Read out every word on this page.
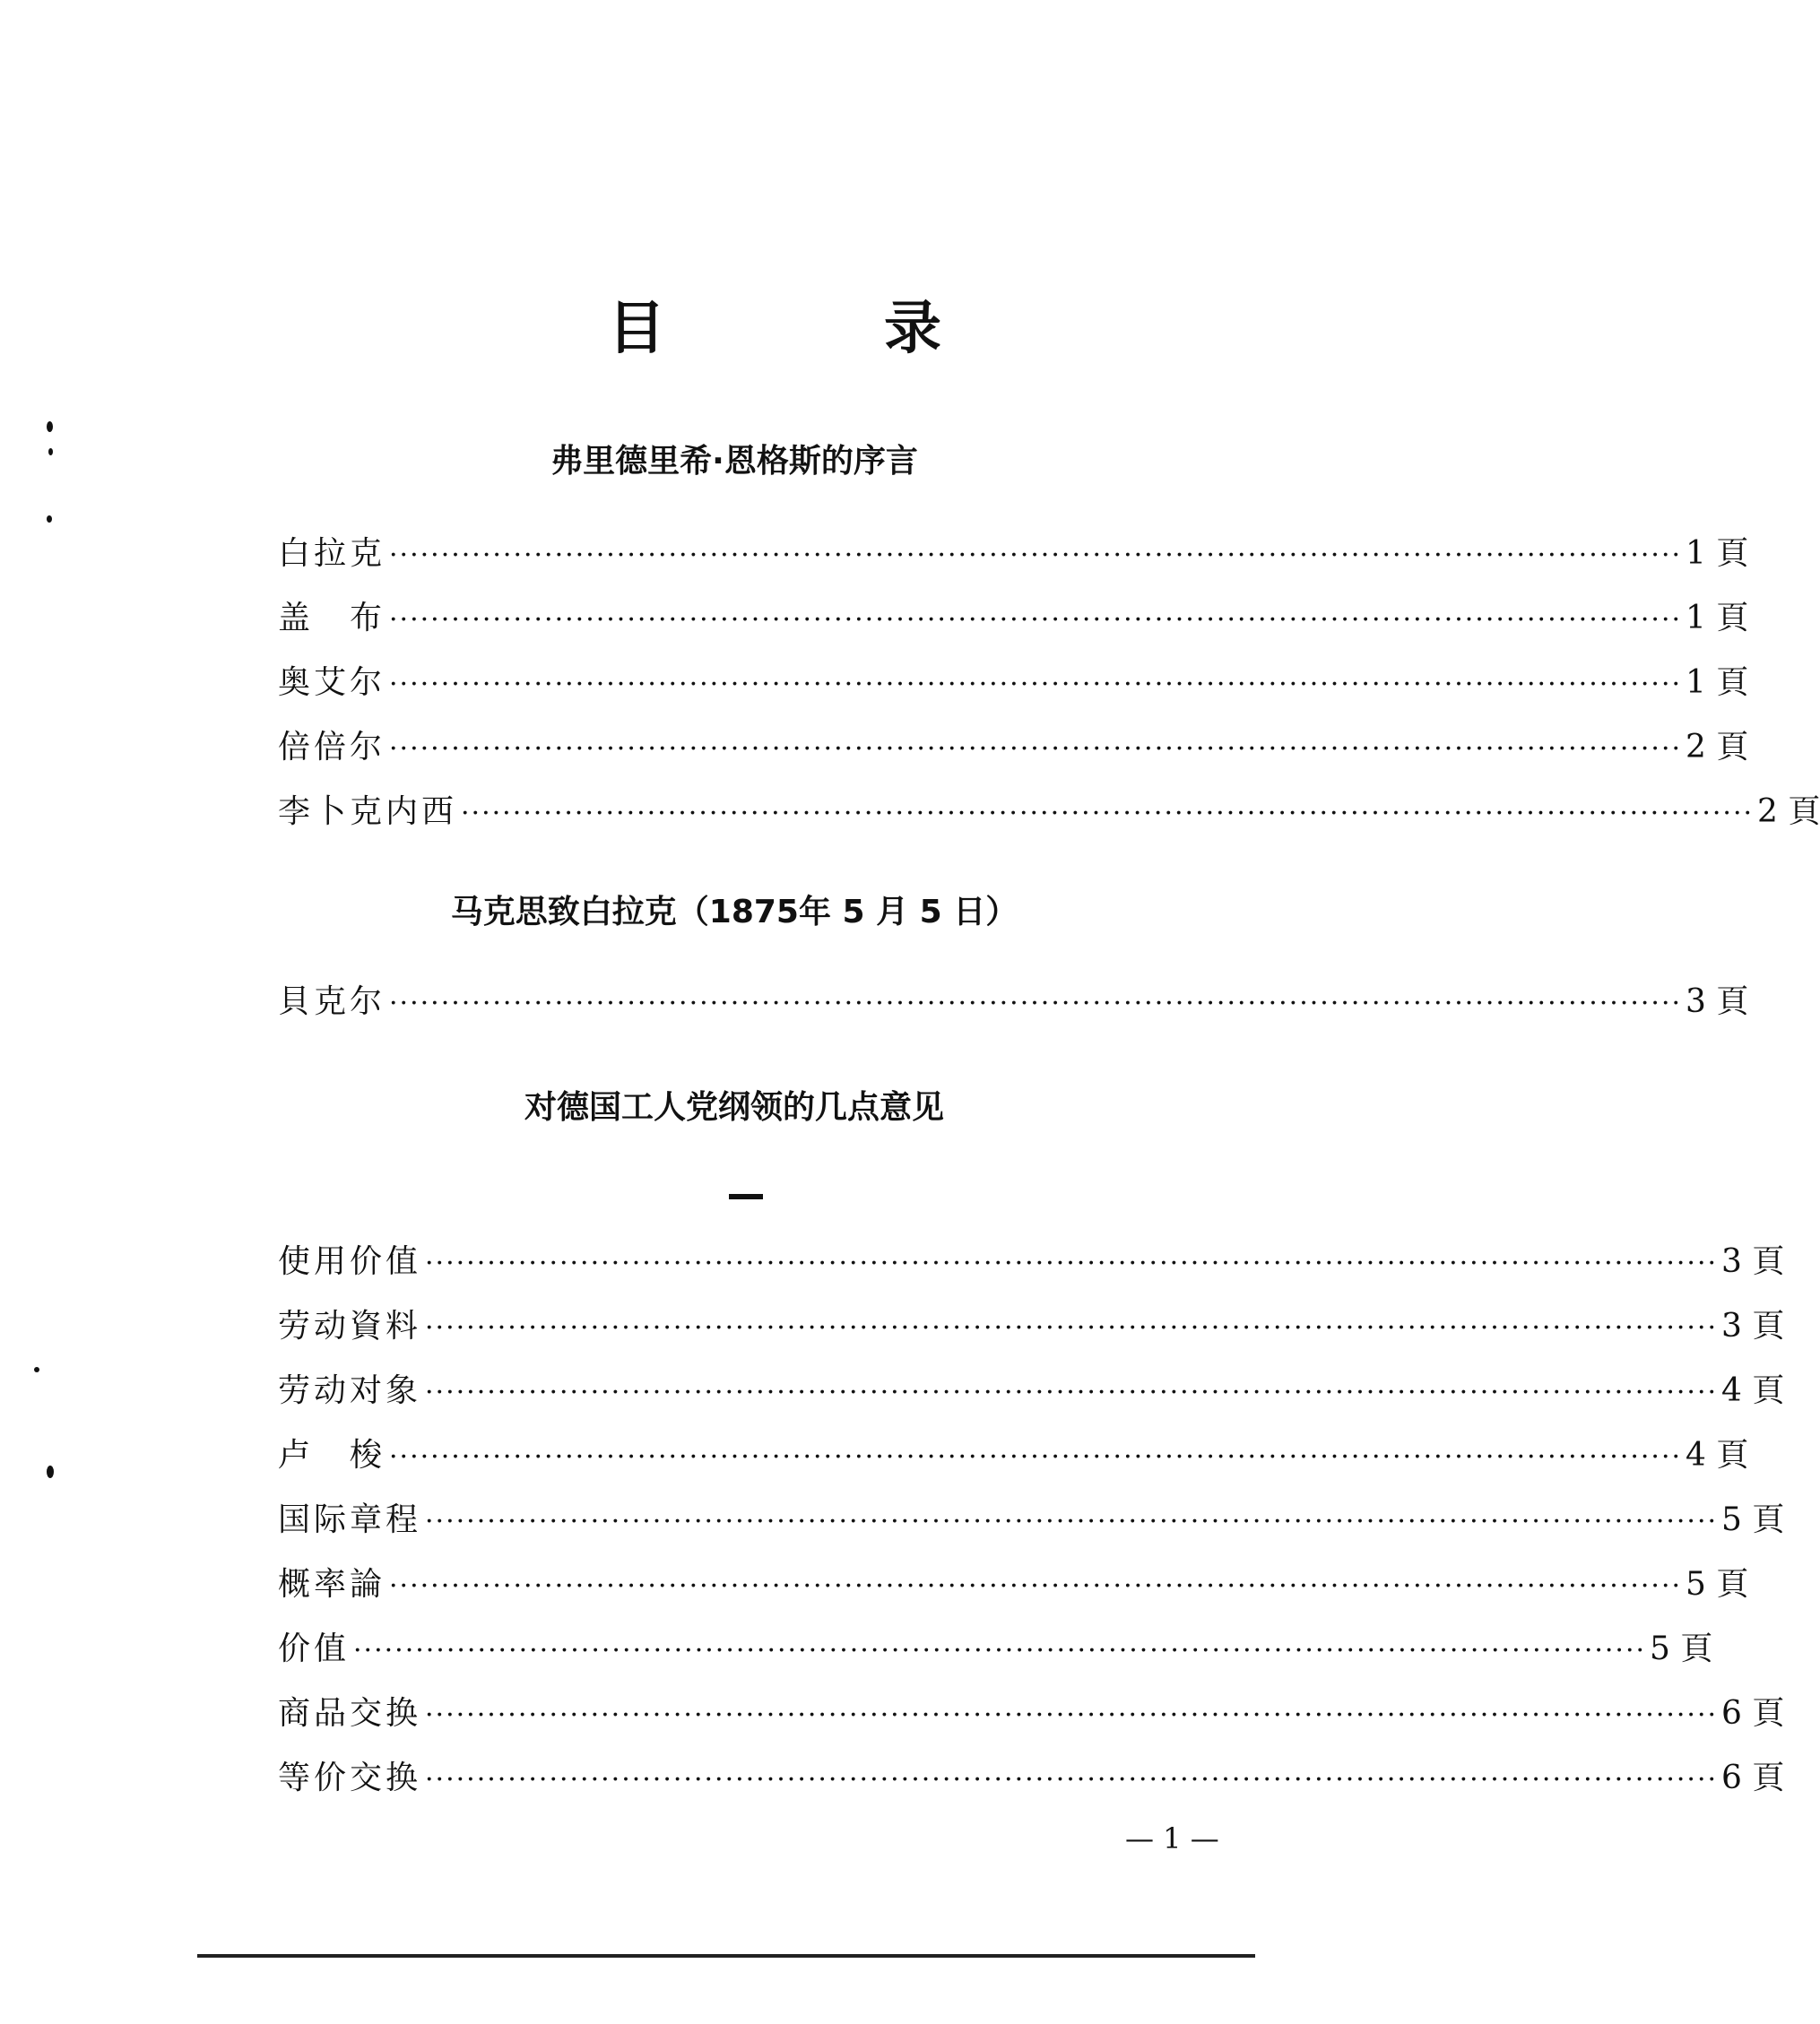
目　录
弗里德里希·恩格斯的序言
白拉克 ····························································································································· 1 頁
盖　布 ····························································································································· 1 頁
奥艾尔 ····························································································································· 1 頁
倍倍尔 ····························································································································· 2 頁
李卜克内西 ····························································································································· 2 頁
马克思致白拉克（1875年 5 月 5 日）
貝克尔 ····························································································································· 3 頁
对德国工人党纲领的几点意见
使用价值 ····························································································································· 3 頁
劳动資料 ····························································································································· 3 頁
劳动对象 ····························································································································· 4 頁
卢　梭 ····························································································································· 4 頁
国际章程 ····························································································································· 5 頁
概率論 ····························································································································· 5 頁
价值 ····························································································································· 5 頁
商品交换 ····························································································································· 6 頁
等价交换 ····························································································································· 6 頁
— 1 —
